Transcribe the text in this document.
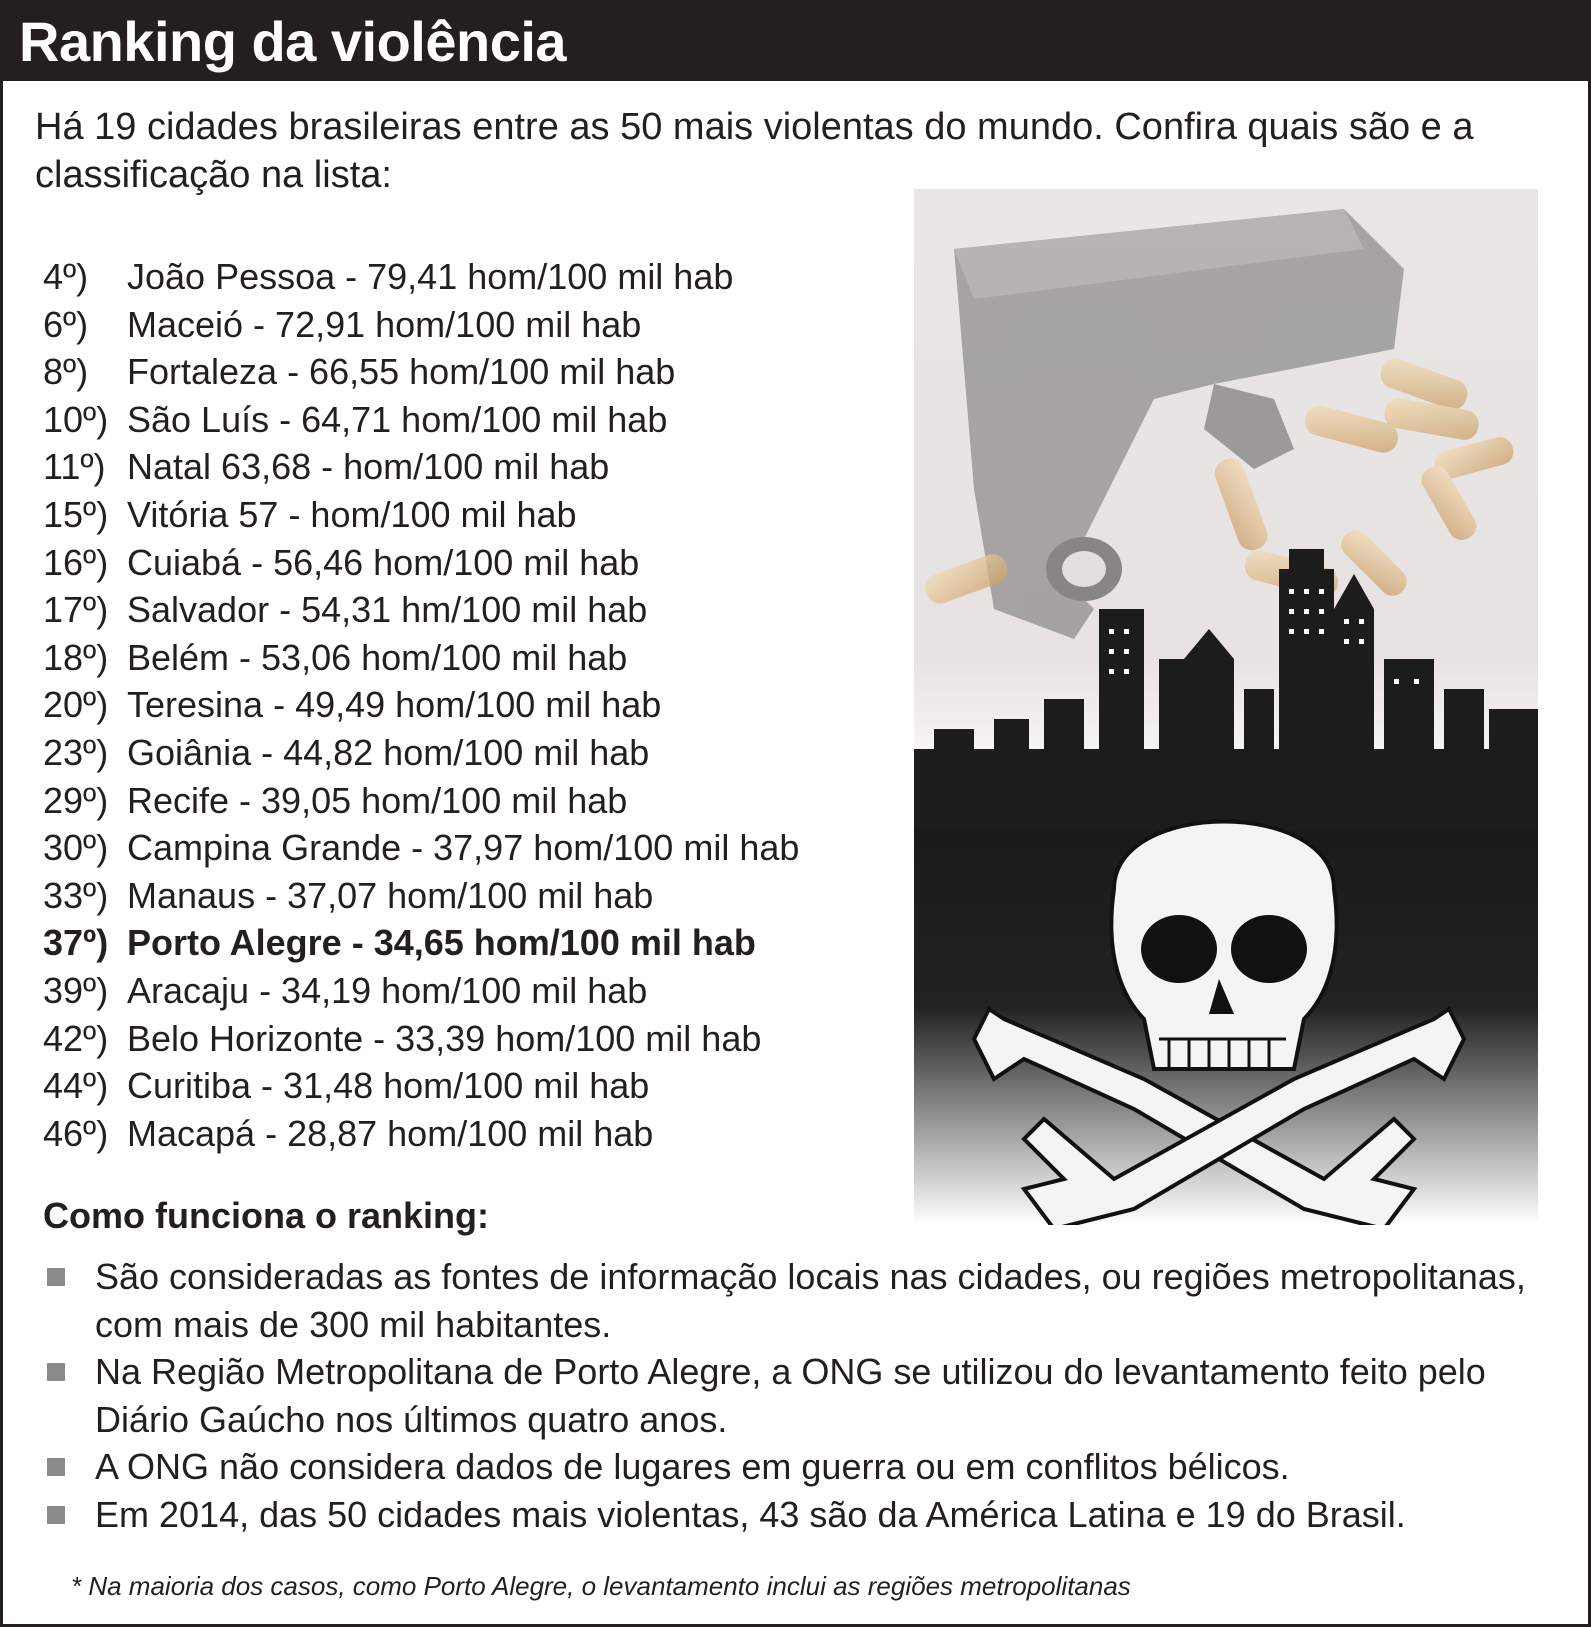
Ranking da violência
Há 19 cidades brasileiras entre as 50 mais violentas do mundo. Confira quais são e a classificação na lista:
4º) João Pessoa - 79,41 hom/100 mil hab
6º) Maceió - 72,91 hom/100 mil hab
8º) Fortaleza - 66,55 hom/100 mil hab
10º) São Luís - 64,71 hom/100 mil hab
11º) Natal 63,68 - hom/100 mil hab
15º) Vitória 57 - hom/100 mil hab
16º) Cuiabá - 56,46 hom/100 mil hab
17º) Salvador - 54,31 hm/100 mil hab
18º) Belém - 53,06 hom/100 mil hab
20º) Teresina - 49,49 hom/100 mil hab
23º) Goiânia - 44,82 hom/100 mil hab
29º) Recife - 39,05 hom/100 mil hab
30º) Campina Grande - 37,97 hom/100 mil hab
33º) Manaus - 37,07 hom/100 mil hab
37º) Porto Alegre - 34,65 hom/100 mil hab
39º) Aracaju - 34,19 hom/100 mil hab
42º) Belo Horizonte - 33,39 hom/100 mil hab
44º) Curitiba - 31,48 hom/100 mil hab
46º) Macapá - 28,87 hom/100 mil hab
Como funciona o ranking:
São consideradas as fontes de informação locais nas cidades, ou regiões metropolitanas, com mais de 300 mil habitantes.
Na Região Metropolitana de Porto Alegre, a ONG se utilizou do levantamento feito pelo Diário Gaúcho nos últimos quatro anos.
A ONG não considera dados de lugares em guerra ou em conflitos bélicos.
Em 2014, das 50 cidades mais violentas, 43 são da América Latina e 19 do Brasil.
* Na maioria dos casos, como Porto Alegre, o levantamento inclui as regiões metropolitanas
